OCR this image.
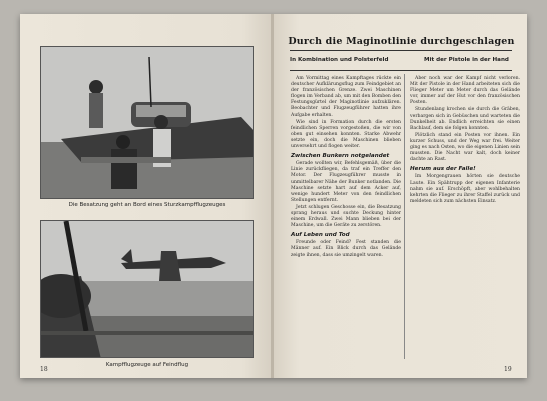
Die Besatzung geht an Bord eines Sturzkampfflugzeuges
Kampfflugzeuge auf Feindflug
18
Durch die Maginotlinie durchgeschlagen
In Kombination und Polsterfeld	Mit der Pistole in der Hand

Am Vormittag eines Kampftages rückte ein deutscher Aufklärungsflug zum Feindgebiet an der französischen Grenze. Zwei Maschinen flogen im Verband ab, um mit den Bomben den Festungsgürtel der Maginotlinie aufzuklären. Beobachter und Flugzeugführer hatten ihre Aufgabe erhalten.

Wie sind in Formation durch die ersten feindlichen Sperren vorgestoßen, die wir von oben gut einsehen konnten. Starke Abwehr setzte ein, doch die Maschinen blieben unversehrt und flogen weiter.

Zwischen Bunkern notgelandet

Gerade wollten wir, Befehlsgemäß, über die Linie zurückfliegen, da traf ein Treffer den Motor. Der Flugzeugführer musste in unmittelbarer Nähe der Bunker notlanden. Die Maschine setzte hart auf dem Acker auf, wenige hundert Meter von den feindlichen Stellungen entfernt.

Jetzt schlugen Geschosse ein, die Besatzung sprang heraus und suchte Deckung hinter einem Erdwall. Zwei Mann blieben bei der Maschine, um die Geräte zu zerstören.

Auf Leben und Tod

Freunde oder Feind? Fest standen die Männer auf. Ein Blick durch das Gelände zeigte ihnen, dass sie umzingelt waren.

Aber noch war der Kampf nicht verloren. Mit der Pistole in der Hand arbeiteten sich die Flieger Meter um Meter durch das Gelände vor, immer auf der Hut vor den französischen Posten.

Stundenlang krochen sie durch die Gräben, verbargen sich in Gebüschen und warteten die Dunkelheit ab. Endlich erreichten sie einen Bachlauf, dem sie folgen konnten.

Plötzlich stand ein Posten vor ihnen. Ein kurzer Schuss, und der Weg war frei. Weiter ging es nach Osten, wo die eigenen Linien sein mussten. Die Nacht war kalt, doch keiner dachte an Rast.

Herum aus der Falle!

Im Morgengrauen hörten sie deutsche Laute. Ein Spähtrupp der eigenen Infanterie nahm sie auf. Erschöpft, aber wohlbehalten kehrten die Flieger zu ihrer Staffel zurück und meldeten sich zum nächsten Einsatz.

19
